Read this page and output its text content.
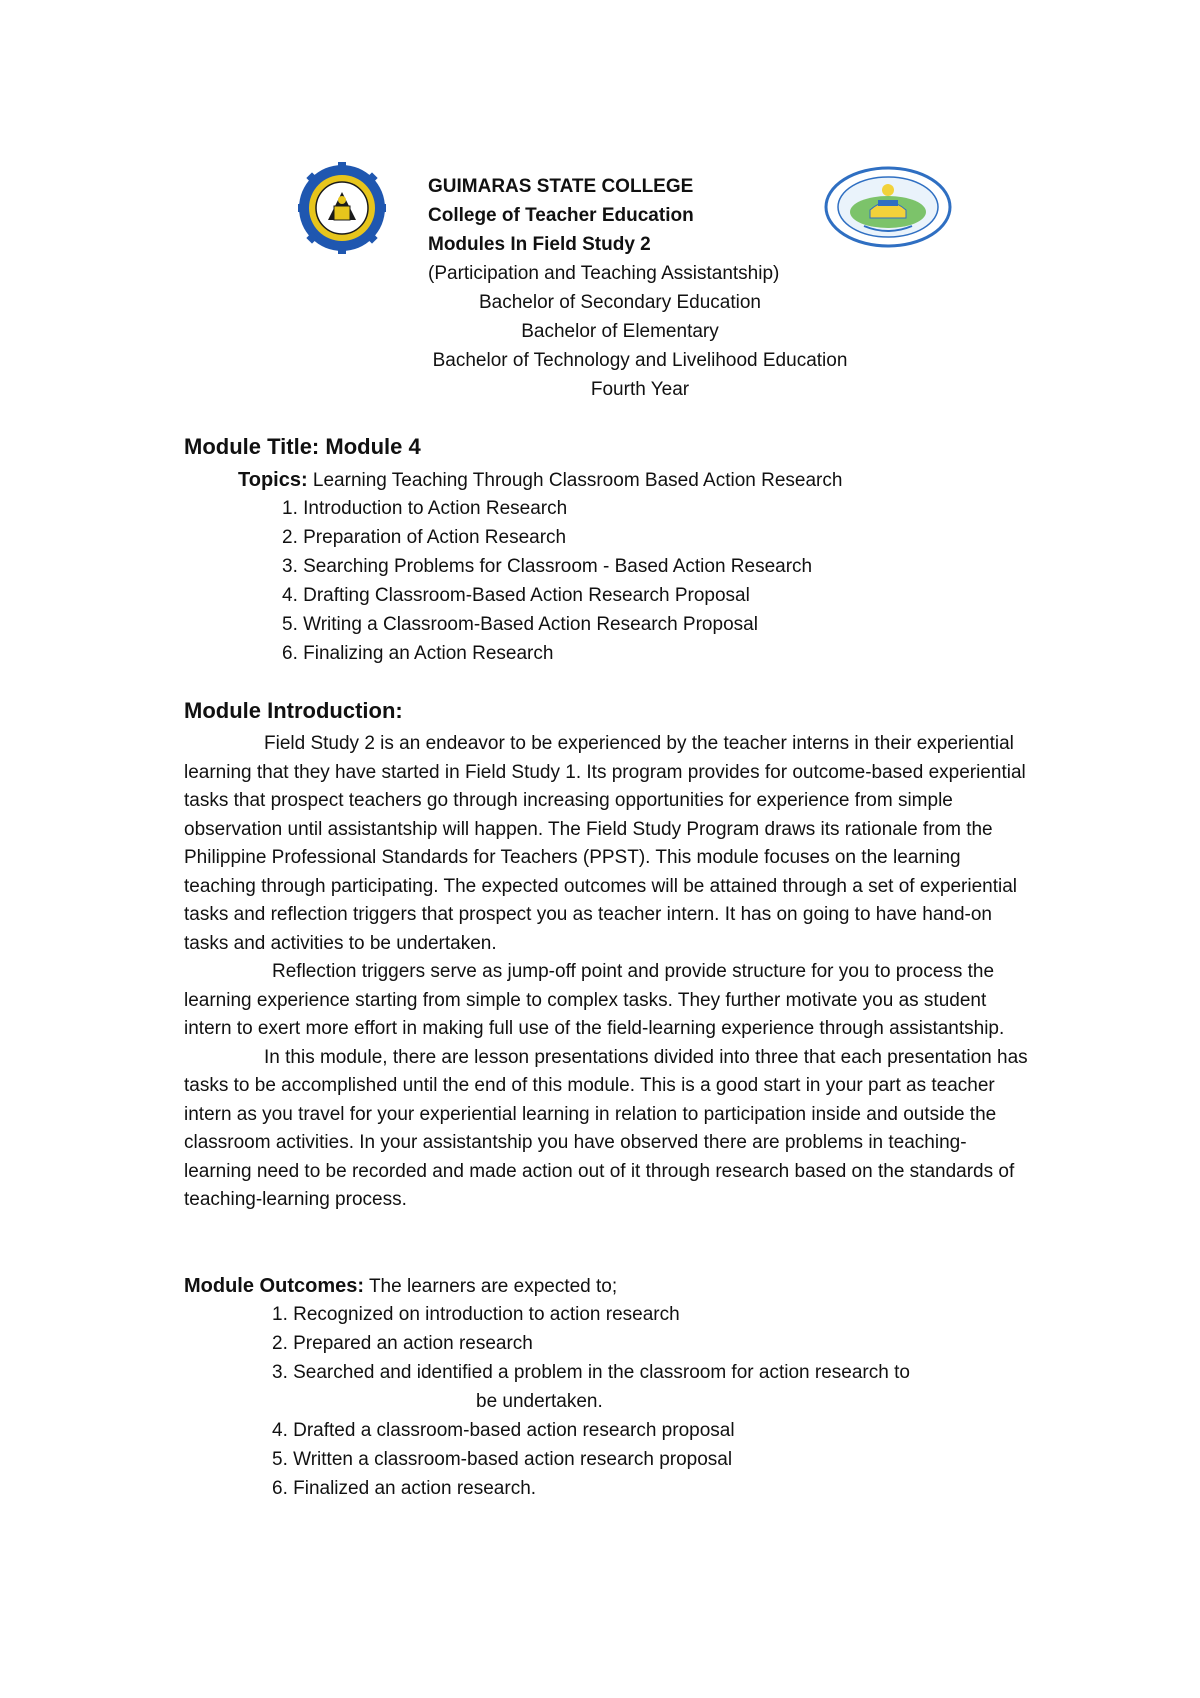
GUIMARAS STATE COLLEGE
College of Teacher Education
Modules In Field Study 2
(Participation and Teaching Assistantship)
Bachelor of Secondary Education
Bachelor of Elementary
Bachelor of Technology and Livelihood Education
Fourth Year
Module Title: Module 4
Topics: Learning Teaching Through Classroom Based Action Research
1. Introduction to Action Research
2. Preparation of Action Research
3. Searching Problems for Classroom - Based Action Research
4. Drafting Classroom-Based Action Research Proposal
5. Writing a Classroom-Based Action Research Proposal
6. Finalizing an Action Research
Module Introduction:

Field Study 2 is an endeavor to be experienced by the teacher interns in their experiential learning that they have started in Field Study 1. Its program provides for outcome-based experiential tasks that prospect teachers go through increasing opportunities for experience from simple observation until assistantship will happen. The Field Study Program draws its rationale from the Philippine Professional Standards for Teachers (PPST). This module focuses on the learning teaching through participating. The expected outcomes will be attained through a set of experiential tasks and reflection triggers that prospect you as teacher intern. It has on going to have hand-on tasks and activities to be undertaken.

Reflection triggers serve as jump-off point and provide structure for you to process the learning experience starting from simple to complex tasks. They further motivate you as student intern to exert more effort in making full use of the field-learning experience through assistantship.

In this module, there are lesson presentations divided into three that each presentation has tasks to be accomplished until the end of this module. This is a good start in your part as teacher intern as you travel for your experiential learning in relation to participation inside and outside the classroom activities. In your assistantship you have observed there are problems in teaching-learning need to be recorded and made action out of it through research based on the standards of teaching-learning process.

Module Outcomes: The learners are expected to;
1. Recognized on introduction to action research
2. Prepared an action research
3. Searched and identified a problem in the classroom for action research to
be undertaken.
4. Drafted a classroom-based action research proposal
5. Written a classroom-based action research proposal
6. Finalized an action research.
